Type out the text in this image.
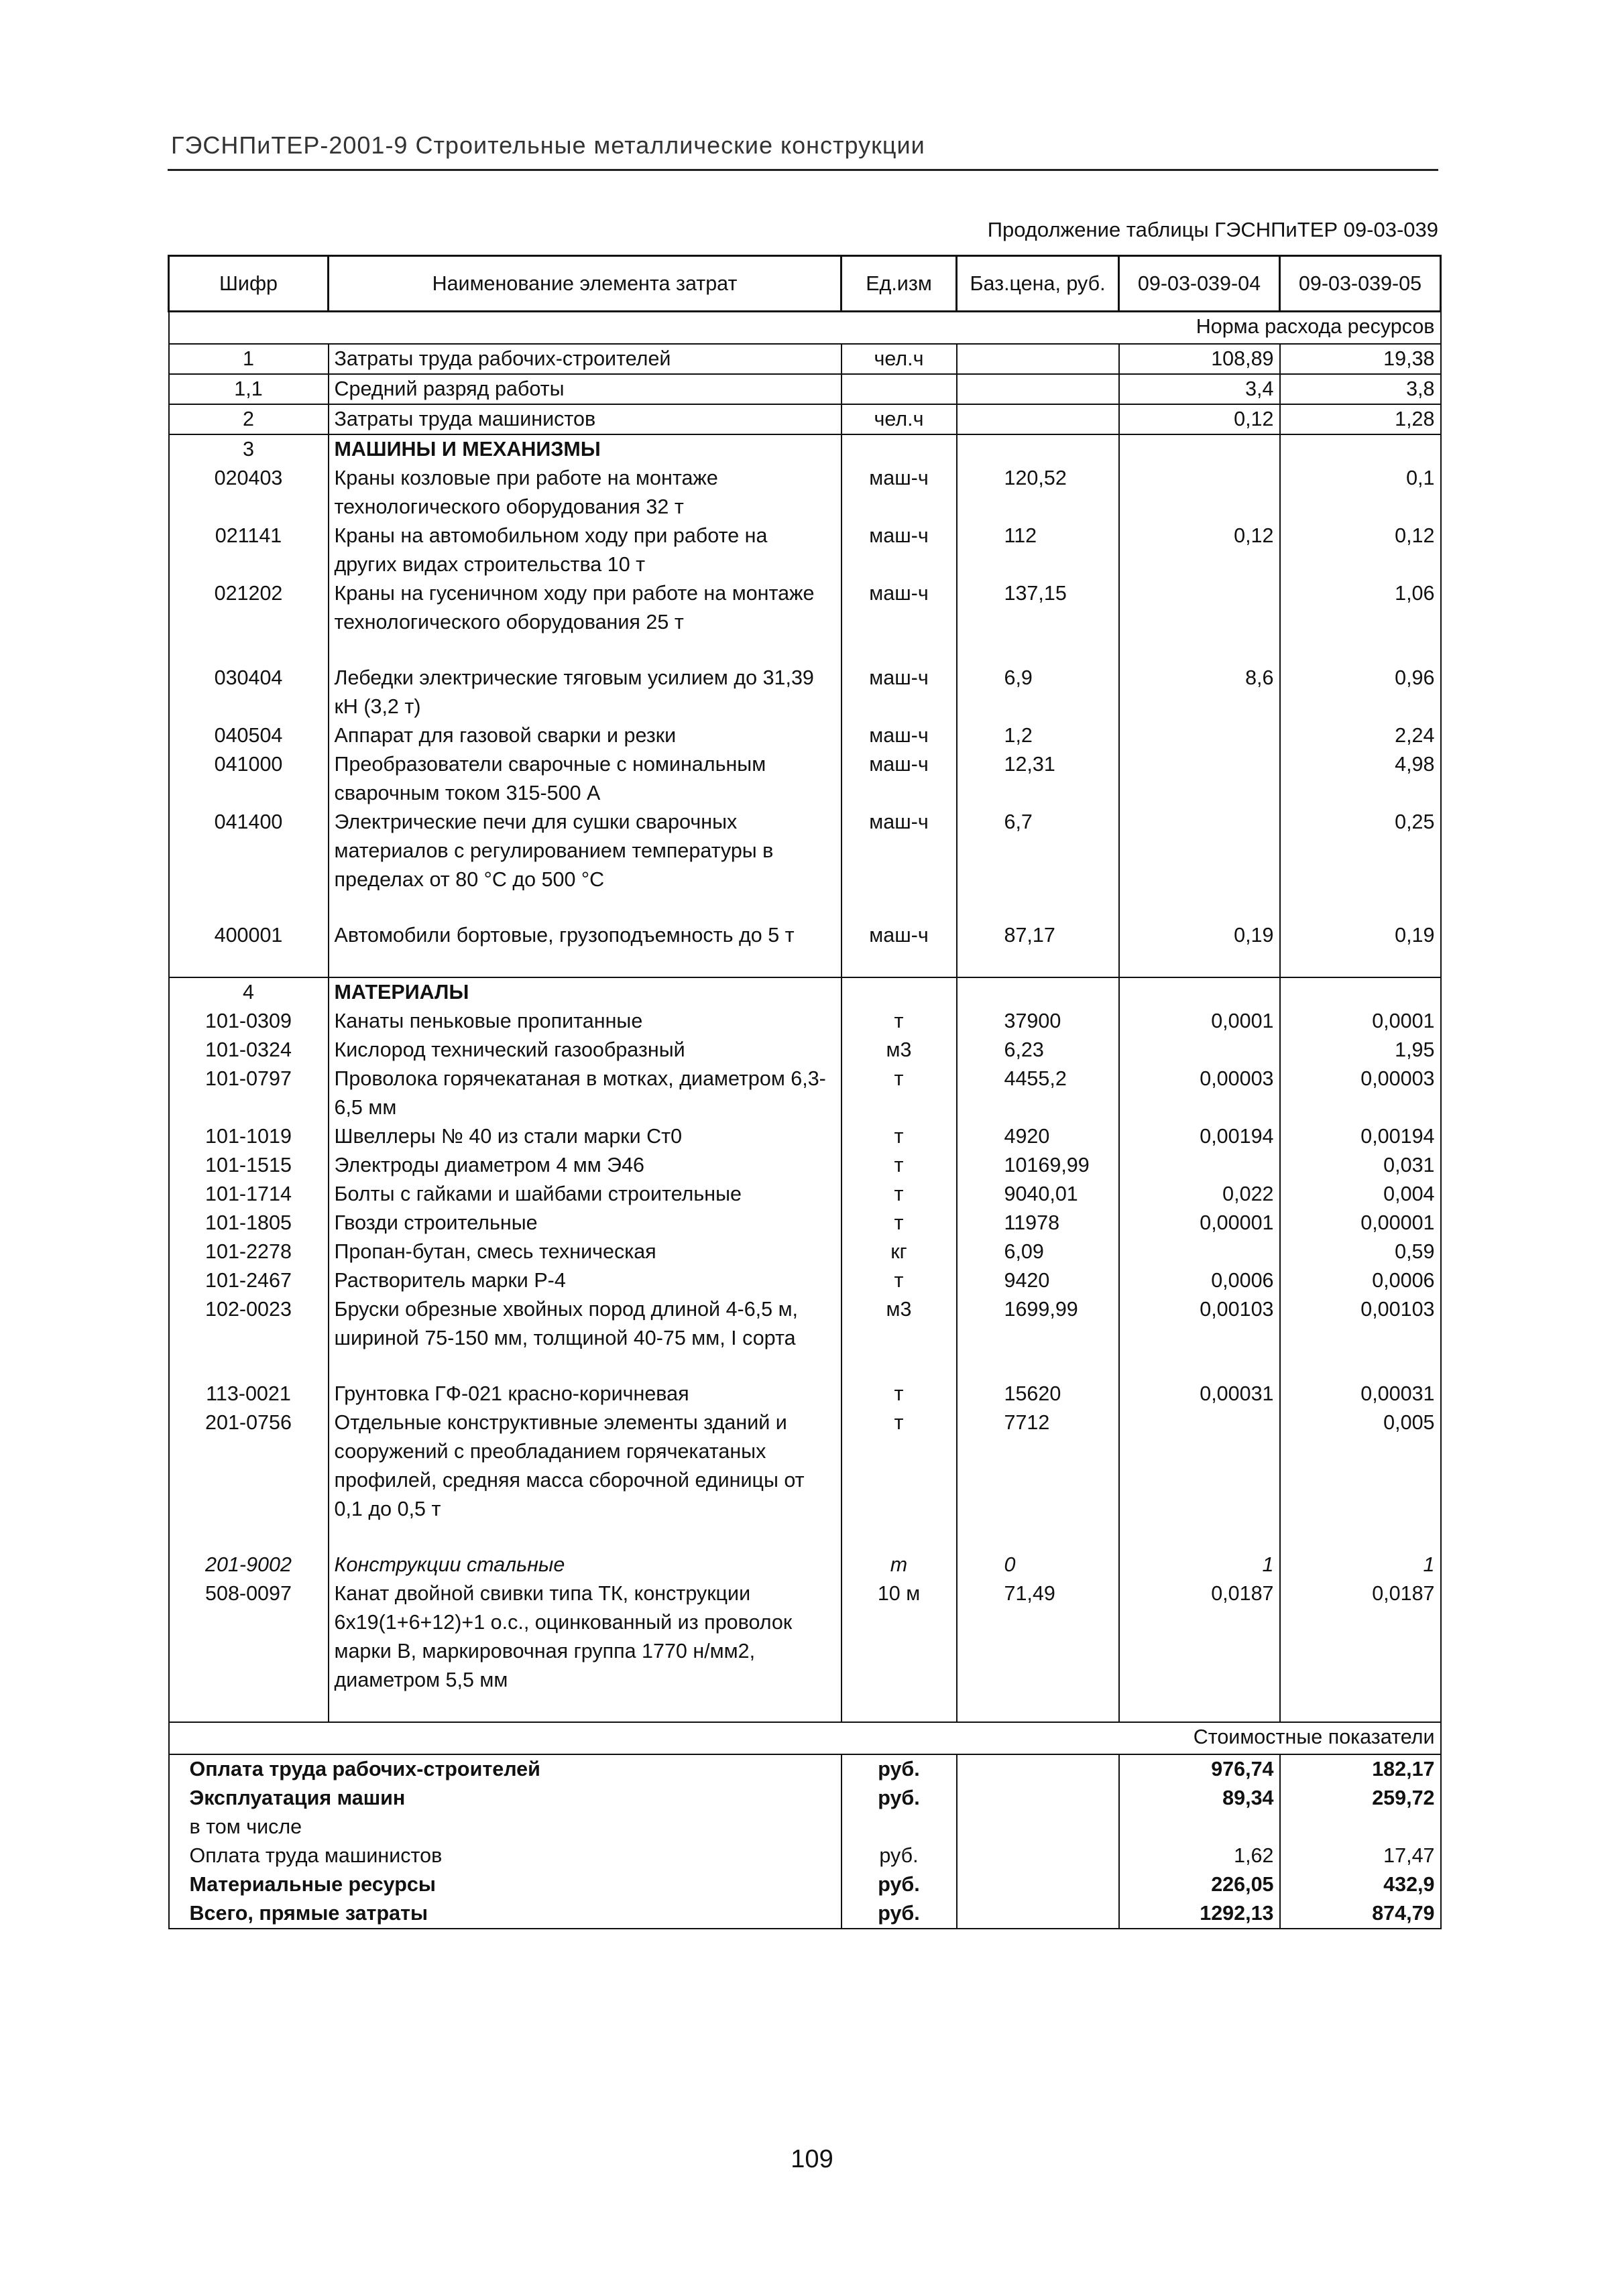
ГЭСНПиТЕР-2001-9 Строительные металлические конструкции
Продолжение таблицы ГЭСНПиТЕР 09-03-039
Шифр	Наименование элемента затрат	Ед.изм	Баз.цена, руб.	09-03-039-04	09-03-039-05
Норма расхода ресурсов					
1	Затраты труда рабочих-строителей	чел.ч		108,89	19,38
1,1	Средний разряд работы			3,4	3,8
2	Затраты труда машинистов	чел.ч		0,12	1,28
3	МАШИНЫ И МЕХАНИЗМЫ				
020403	Краны козловые при работе на монтаже технологического оборудования 32 т	маш-ч	120,52		0,1
021141	Краны на автомобильном ходу при работе на других видах строительства 10 т	маш-ч	112	0,12	0,12
021202	Краны на гусеничном ходу при работе на монтаже технологического оборудования 25 т	маш-ч	137,15		1,06
030404	Лебедки электрические тяговым усилием до 31,39 кН (3,2 т)	маш-ч	6,9	8,6	0,96
040504	Аппарат для газовой сварки и резки	маш-ч	1,2		2,24
041000	Преобразователи сварочные с номинальным сварочным током 315-500 А	маш-ч	12,31		4,98
041400	Электрические печи для сушки сварочных материалов с регулированием температуры в пределах от 80 °С до 500 °С	маш-ч	6,7		0,25
400001	Автомобили бортовые, грузоподъемность до 5 т	маш-ч	87,17	0,19	0,19
4	МАТЕРИАЛЫ				
101-0309	Канаты пеньковые пропитанные	т	37900	0,0001	0,0001
101-0324	Кислород технический газообразный	м3	6,23		1,95
101-0797	Проволока горячекатаная в мотках, диаметром 6,3-6,5 мм	т	4455,2	0,00003	0,00003
101-1019	Швеллеры № 40 из стали марки Ст0	т	4920	0,00194	0,00194
101-1515	Электроды диаметром 4 мм Э46	т	10169,99		0,031
101-1714	Болты с гайками и шайбами строительные	т	9040,01	0,022	0,004
101-1805	Гвозди строительные	т	11978	0,00001	0,00001
101-2278	Пропан-бутан, смесь техническая	кг	6,09		0,59
101-2467	Растворитель марки Р-4	т	9420	0,0006	0,0006
102-0023	Бруски обрезные хвойных пород длиной 4-6,5 м, шириной 75-150 мм, толщиной 40-75 мм, I сорта	м3	1699,99	0,00103	0,00103
113-0021	Грунтовка ГФ-021 красно-коричневая	т	15620	0,00031	0,00031
201-0756	Отдельные конструктивные элементы зданий и сооружений с преобладанием горячекатаных профилей, средняя масса сборочной единицы от 0,1 до 0,5 т	т	7712		0,005
201-9002	Конструкции стальные	т	0	1	1
508-0097	Канат двойной свивки типа ТК, конструкции 6х19(1+6+12)+1 о.с., оцинкованный из проволок марки В, маркировочная группа 1770 н/мм2, диаметром 5,5 мм	10 м	71,49	0,0187	0,0187
Стоимостные показатели					
Оплата труда рабочих-строителей		руб.		976,74	182,17
Эксплуатация машин		руб.		89,34	259,72
в том числе					
Оплата труда машинистов		руб.		1,62	17,47
Материальные ресурсы		руб.		226,05	432,9
Всего, прямые затраты		руб.		1292,13	874,79
109
